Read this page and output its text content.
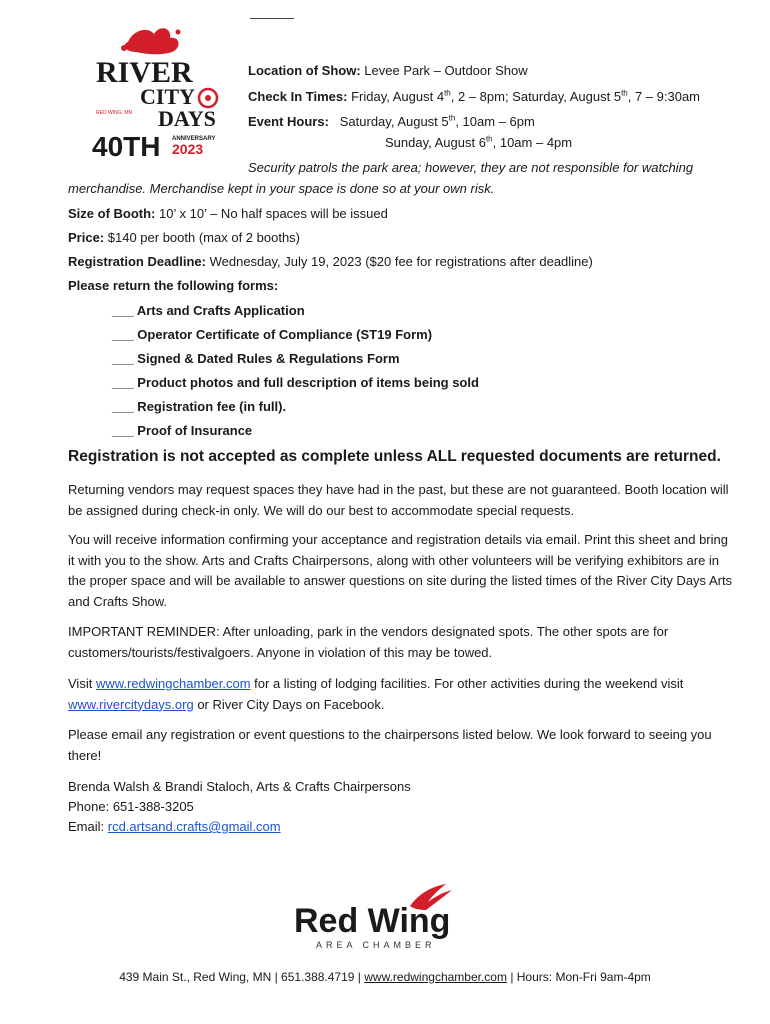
RIVER
CITY
RED WING, MN DAYS
40TH ANNIVERSARY
2023
Location of Show: Levee Park – Outdoor Show
Check In Times: Friday, August 4th, 2 – 8pm; Saturday, August 5th, 7 – 9:30am
Event Hours: Saturday, August 5th, 10am – 6pm
Sunday, August 6th, 10am – 4pm
Security patrols the park area; however, they are not responsible for watching
merchandise. Merchandise kept in your space is done so at your own risk.
Size of Booth: 10’ x 10’ – No half spaces will be issued
Price: $140 per booth (max of 2 booths)
Registration Deadline: Wednesday, July 19, 2023 ($20 fee for registrations after deadline)
Please return the following forms:
___ Arts and Crafts Application
___ Operator Certificate of Compliance (ST19 Form)
___ Signed & Dated Rules & Regulations Form
___ Product photos and full description of items being sold
___ Registration fee (in full).
___ Proof of Insurance
Registration is not accepted as complete unless ALL requested documents are returned.
Returning vendors may request spaces they have had in the past, but these are not guaranteed. Booth location will be assigned during check-in only. We will do our best to accommodate special requests.
You will receive information confirming your acceptance and registration details via email. Print this sheet and bring it with you to the show. Arts and Crafts Chairpersons, along with other volunteers will be verifying exhibitors are in the proper space and will be available to answer questions on site during the listed times of the River City Days Arts and Crafts Show.
IMPORTANT REMINDER: After unloading, park in the vendors designated spots. The other spots are for customers/tourists/festivalgoers. Anyone in violation of this may be towed.
Visit www.redwingchamber.com for a listing of lodging facilities. For other activities during the weekend visit www.rivercitydays.org or River City Days on Facebook.
Please email any registration or event questions to the chairpersons listed below. We look forward to seeing you there!
Brenda Walsh & Brandi Staloch, Arts & Crafts Chairpersons
Phone: 651-388-3205
Email: rcd.artsand.crafts@gmail.com
Red Wing
AREA CHAMBER
439 Main St., Red Wing, MN | 651.388.4719 | www.redwingchamber.com | Hours: Mon-Fri 9am-4pm
